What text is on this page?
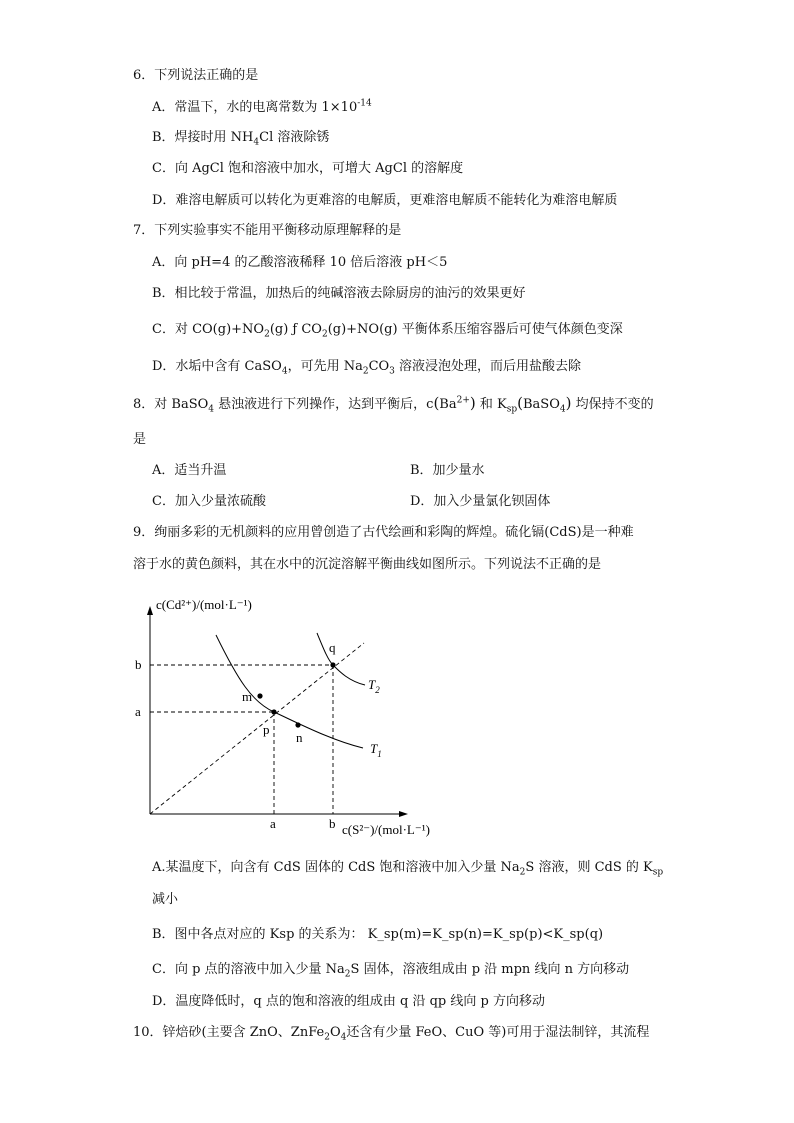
6．下列说法正确的是
A．常温下，水的电离常数为 $1\times 10^{-14}$
B．焊接时用 $NH_4Cl$ 溶液除锈
C．向 AgCl 饱和溶液中加水，可增大 AgCl 的溶解度
D．难溶电解质可以转化为更难溶的电解质，更难溶电解质不能转化为难溶电解质
7．下列实验事实不能用平衡移动原理解释的是
A．向 pH=4 的乙酸溶液稀释 10 倍后溶液 pH＜5
B．相比较于常温，加热后的纯碱溶液去除厨房的油污的效果更好
C．对 $CO(g)+NO_2(g)$ ƒ $CO_2(g)+NO(g)$ 平衡体系压缩容器后可使气体颜色变深
D．水垢中含有 CaSO$_4$，可先用 $Na_2CO_3$ 溶液浸泡处理，而后用盐酸去除
8．对 BaSO$_4$ 悬浊液进行下列操作，达到平衡后，$c(Ba^{2+})$ 和 $K_{sp}(BaSO_4)$ 均保持不变的
是
A．适当升温	B．加少量水
C．加入少量浓硫酸	D．加入少量氯化钡固体
9．绚丽多彩的无机颜料的应用曾创造了古代绘画和彩陶的辉煌。硫化镉(CdS)是一种难
溶于水的黄色颜料，其在水中的沉淀溶解平衡曲线如图所示。下列说法不正确的是
c(Cd²⁺)/(mol·L⁻¹)
c(S²⁻)/(mol·L⁻¹)
b
a
a	b
m
n
p
q
$T_2$
$T_1$
A.某温度下，向含有 CdS 固体的 CdS 饱和溶液中加入少量 $Na_2S$ 溶液，则 CdS 的 $K_{sp}$
减小
B．图中各点对应的 Ksp 的关系为： K_sp(m)=K_sp(n)=K_sp(p)<K_sp(q)
C．向 p 点的溶液中加入少量 $Na_2S$ 固体，溶液组成由 p 沿 mpn 线向 n 方向移动
D．温度降低时，q 点的饱和溶液的组成由 q 沿 qp 线向 p 方向移动
10．锌焙砂(主要含 ZnO、$ZnFe_2O_4$还含有少量 FeO、CuO 等)可用于湿法制锌，其流程
